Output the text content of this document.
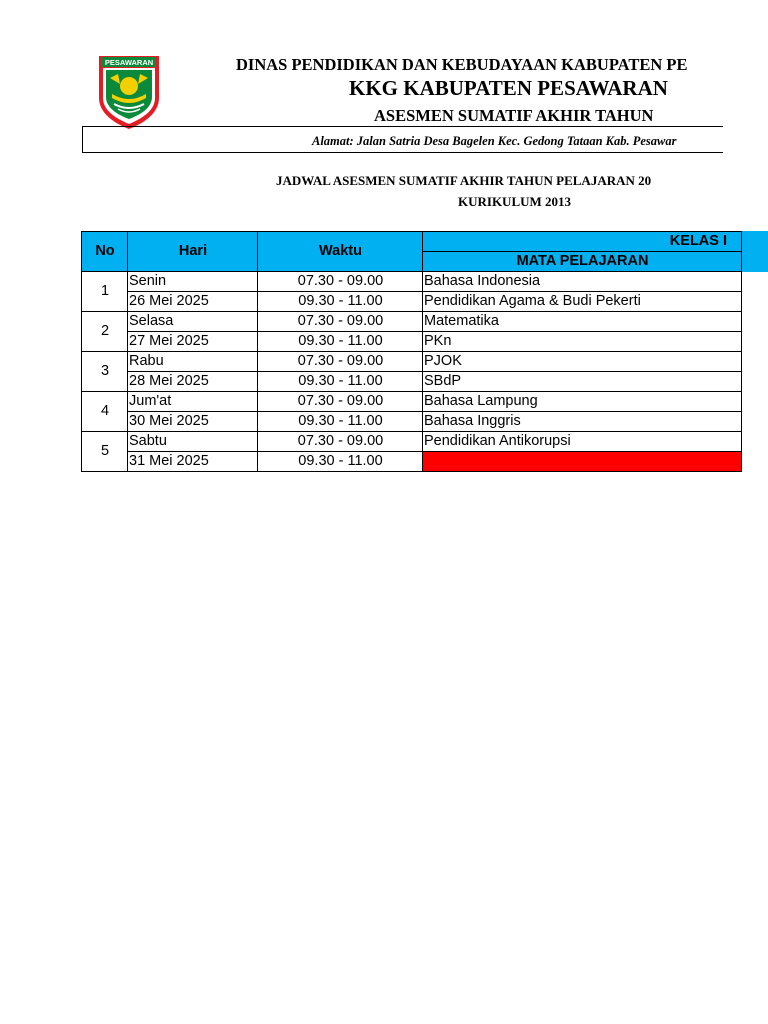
PESAWARAN	DINAS PENDIDIKAN DAN KEBUDAYAAN KABUPATEN PE
KKG KABUPATEN PESAWARAN
ASESMEN SUMATIF AKHIR TAHUN
Alamat: Jalan Satria Desa Bagelen Kec. Gedong Tataan Kab. Pesawar
JADWAL ASESMEN SUMATIF AKHIR TAHUN PELAJARAN 20
KURIKULUM 2013
No	Hari	Waktu	KELAS I
			MATA PELAJARAN
1	Senin	07.30 - 09.00	Bahasa Indonesia
	26 Mei 2025	09.30 - 11.00	Pendidikan Agama & Budi Pekerti
2	Selasa	07.30 - 09.00	Matematika
	27 Mei 2025	09.30 - 11.00	PKn
3	Rabu	07.30 - 09.00	PJOK
	28 Mei 2025	09.30 - 11.00	SBdP
4	Jum'at	07.30 - 09.00	Bahasa Lampung
	30 Mei 2025	09.30 - 11.00	Bahasa Inggris
5	Sabtu	07.30 - 09.00	Pendidikan Antikorupsi
	31 Mei 2025	09.30 - 11.00	
